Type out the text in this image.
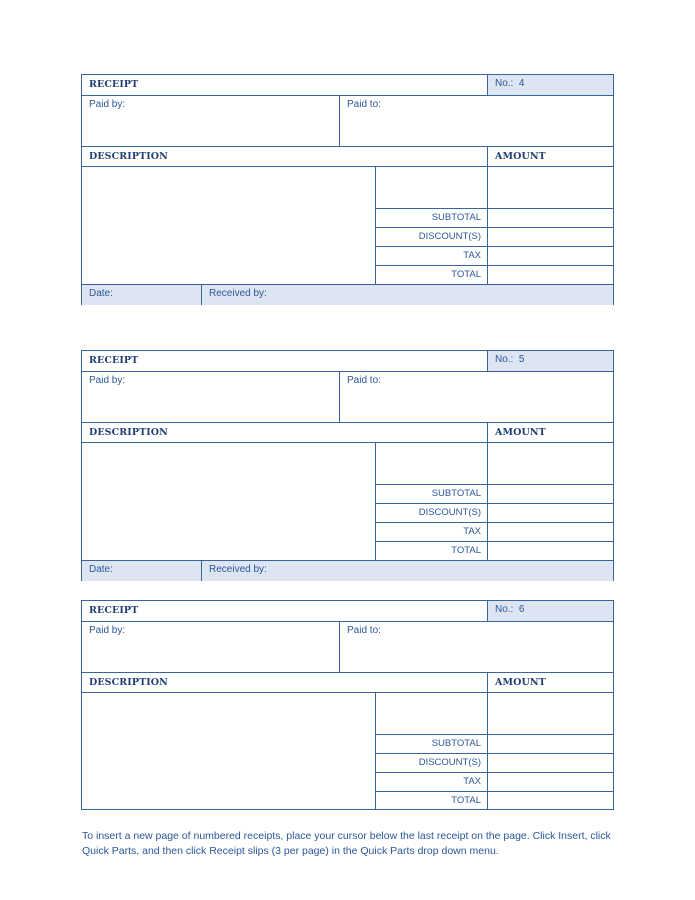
RECEIPT	No.: 4
Paid by:	Paid to:
DESCRIPTION	AMOUNT
SUBTOTAL
DISCOUNT(S)
TAX
TOTAL
Date:	Received by:
RECEIPT	No.: 5
Paid by:	Paid to:
DESCRIPTION	AMOUNT
SUBTOTAL
DISCOUNT(S)
TAX
TOTAL
Date:	Received by:
RECEIPT	No.: 6
Paid by:	Paid to:
DESCRIPTION	AMOUNT
SUBTOTAL
DISCOUNT(S)
TAX
TOTAL
To insert a new page of numbered receipts, place your cursor below the last receipt on the page. Click Insert, click Quick Parts, and then click Receipt slips (3 per page) in the Quick Parts drop down menu.
